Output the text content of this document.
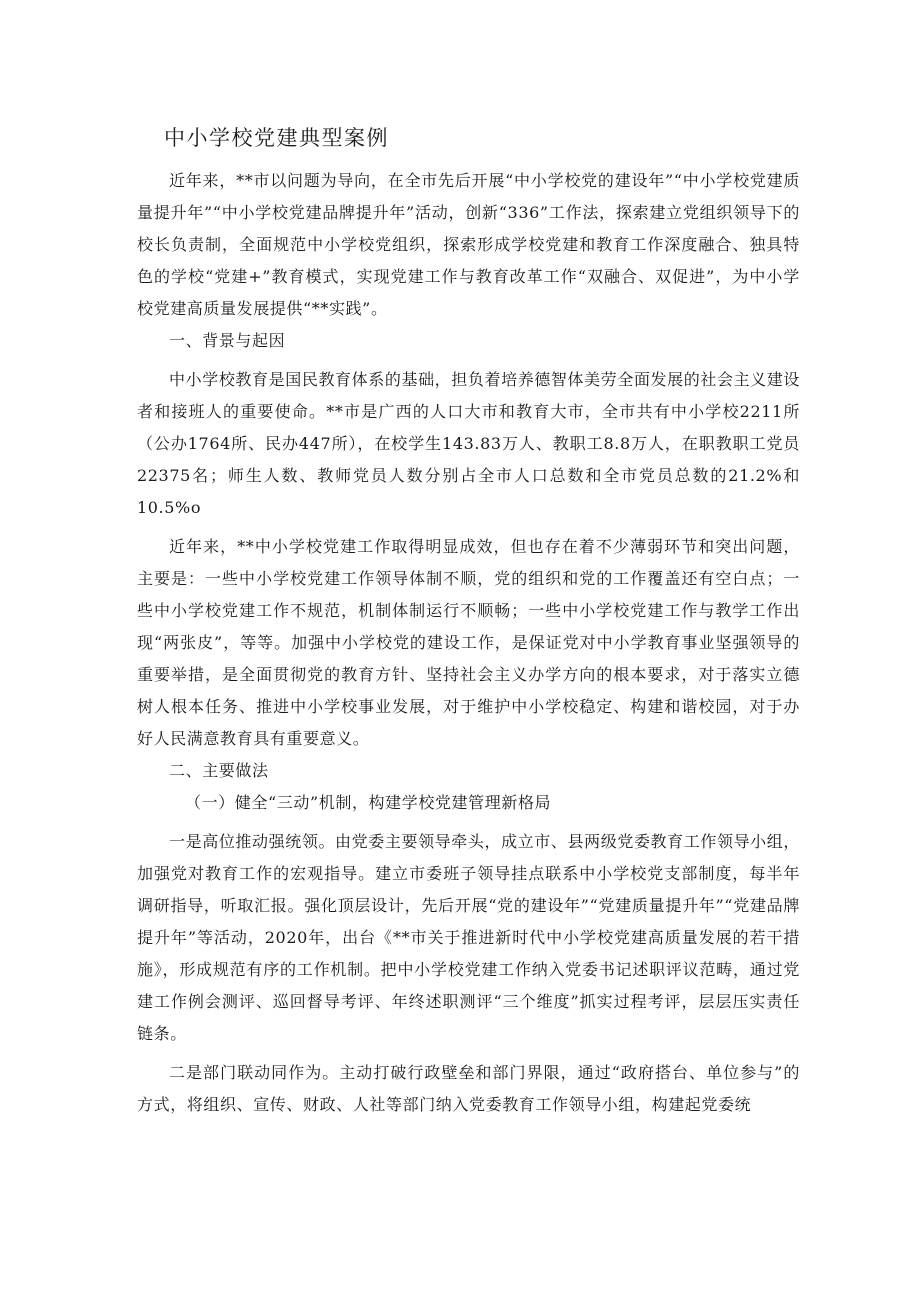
中小学校党建典型案例

近年来，**市以问题为导向，在全市先后开展“中小学校党的建设年”“中小学校党建质量提升年”“中小学校党建品牌提升年”活动，创新“336”工作法，探索建立党组织领导下的校长负责制，全面规范中小学校党组织，探索形成学校党建和教育工作深度融合、独具特色的学校“党建+”教育模式，实现党建工作与教育改革工作“双融合、双促进”，为中小学校党建高质量发展提供“**实践”。

一、背景与起因

中小学校教育是国民教育体系的基础，担负着培养德智体美劳全面发展的社会主义建设者和接班人的重要使命。**市是广西的人口大市和教育大市，全市共有中小学校2211所（公办1764所、民办447所），在校学生143.83万人、教职工8.8万人，在职教职工党员22375名；师生人数、教师党员人数分别占全市人口总数和全市党员总数的21.2%和10.5%o

近年来，**中小学校党建工作取得明显成效，但也存在着不少薄弱环节和突出问题，主要是：一些中小学校党建工作领导体制不顺，党的组织和党的工作覆盖还有空白点；一些中小学校党建工作不规范，机制体制运行不顺畅；一些中小学校党建工作与教学工作出现“两张皮”，等等。加强中小学校党的建设工作，是保证党对中小学教育事业坚强领导的重要举措，是全面贯彻党的教育方针、坚持社会主义办学方向的根本要求，对于落实立德树人根本任务、推进中小学校事业发展，对于维护中小学校稳定、构建和谐校园，对于办好人民满意教育具有重要意义。

二、主要做法

（一）健全“三动”机制，构建学校党建管理新格局

一是高位推动强统领。由党委主要领导牵头，成立市、县两级党委教育工作领导小组，加强党对教育工作的宏观指导。建立市委班子领导挂点联系中小学校党支部制度，每半年调研指导，听取汇报。强化顶层设计，先后开展“党的建设年”“党建质量提升年”“党建品牌提升年”等活动，2020年，出台《**市关于推进新时代中小学校党建高质量发展的若干措施》，形成规范有序的工作机制。把中小学校党建工作纳入党委书记述职评议范畴，通过党建工作例会测评、巡回督导考评、年终述职测评“三个维度”抓实过程考评，层层压实责任链条。

二是部门联动同作为。主动打破行政壁垒和部门界限，通过“政府搭台、单位参与”的方式，将组织、宣传、财政、人社等部门纳入党委教育工作领导小组，构建起党委统
